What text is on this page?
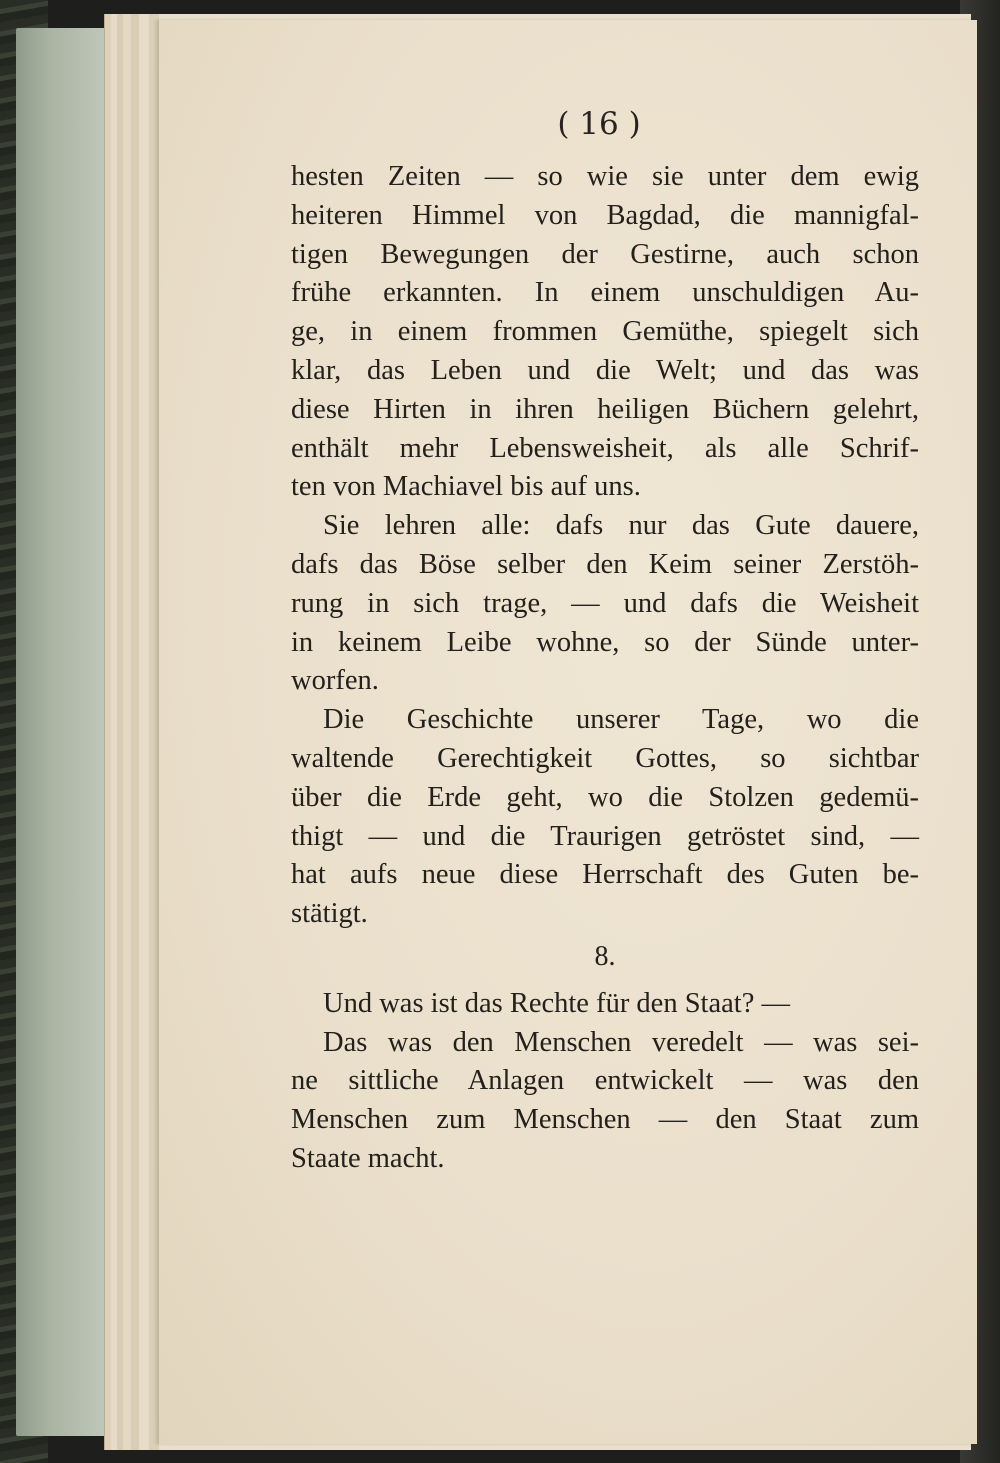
( 16 )
hesten Zeiten — so wie sie unter dem ewig
heiteren Himmel von Bagdad, die mannigfal-
tigen Bewegungen der Gestirne, auch schon
frühe erkannten. In einem unschuldigen Au-
ge, in einem frommen Gemüthe, spiegelt sich
klar, das Leben und die Welt; und das was
diese Hirten in ihren heiligen Büchern gelehrt,
enthält mehr Lebensweisheit, als alle Schrif-
ten von Machiavel bis auf uns.
Sie lehren alle: dafs nur das Gute dauere,
dafs das Böse selber den Keim seiner Zerstöh-
rung in sich trage, — und dafs die Weisheit
in keinem Leibe wohne, so der Sünde unter-
worfen.
Die Geschichte unserer Tage, wo die
waltende Gerechtigkeit Gottes, so sichtbar
über die Erde geht, wo die Stolzen gedemü-
thigt — und die Traurigen getröstet sind, —
hat aufs neue diese Herrschaft des Guten be-
stätigt.
8.
Und was ist das Rechte für den Staat? —
Das was den Menschen veredelt — was sei-
ne sittliche Anlagen entwickelt — was den
Menschen zum Menschen — den Staat zum
Staate macht.
